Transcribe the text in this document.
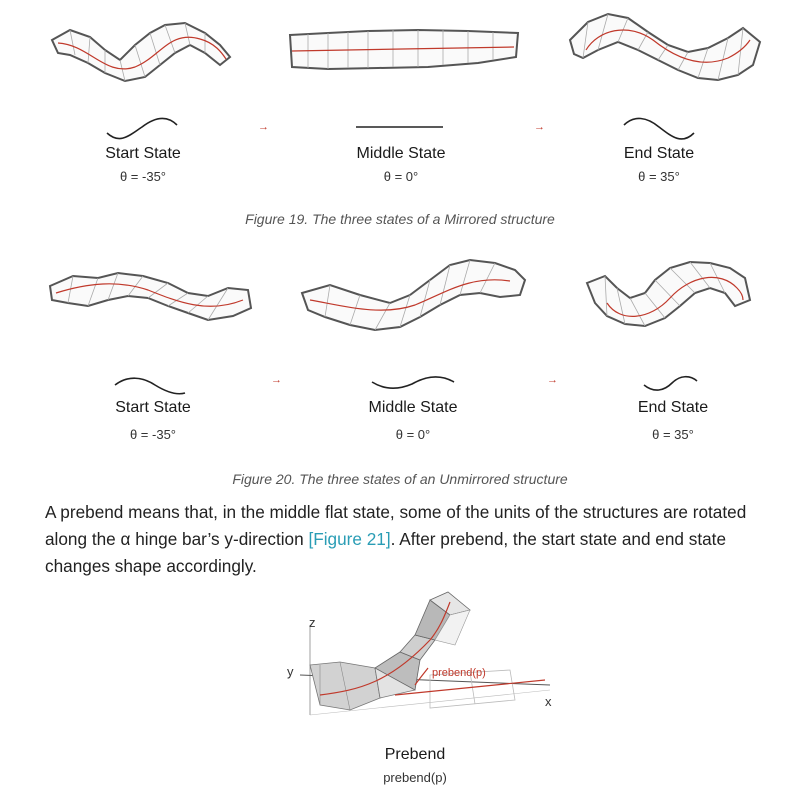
→	→
Start State
θ = -35°
Middle State
θ = 0°
End State
θ = 35°
Figure 19. The three states of a Mirrored structure
→	→
Start State
θ = -35°
Middle State
θ = 0°
End State
θ = 35°
Figure 20. The three states of an Unmirrored structure
A prebend means that, in the middle flat state, some of the units of the structures are rotated along the α hinge bar’s y-direction [Figure 21]. After prebend, the start state and end state changes shape accordingly.
z
y
x
prebend(p)
Prebend
prebend(p)
